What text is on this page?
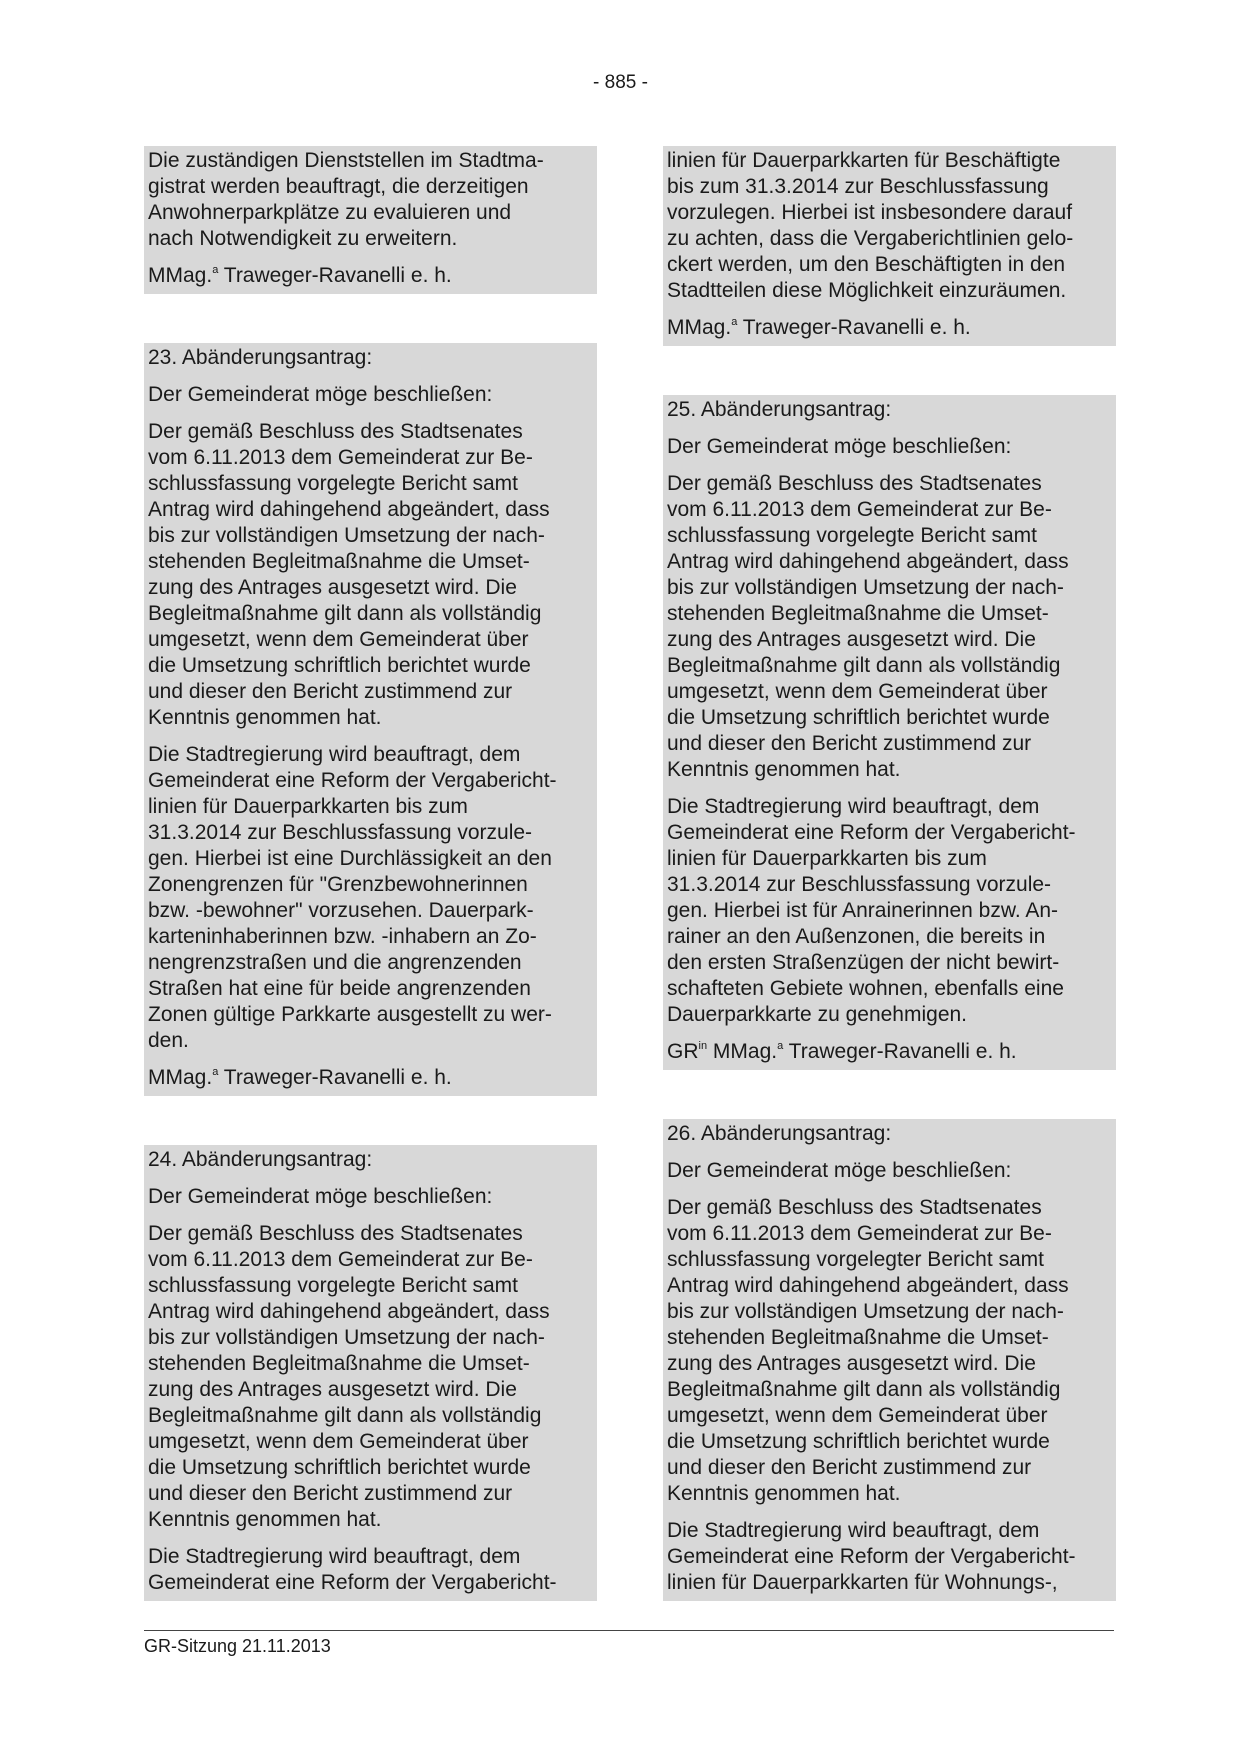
- 885 -

Die zuständigen Dienststellen im Stadtma-
gistrat werden beauftragt, die derzeitigen
Anwohnerparkplätze zu evaluieren und
nach Notwendigkeit zu erweitern.

MMag.$^a$ Traweger-Ravanelli e. h.

23. Abänderungsantrag:

Der Gemeinderat möge beschließen:

Der gemäß Beschluss des Stadtsenates
vom 6.11.2013 dem Gemeinderat zur Be-
schlussfassung vorgelegte Bericht samt
Antrag wird dahingehend abgeändert, dass
bis zur vollständigen Umsetzung der nach-
stehenden Begleitmaßnahme die Umset-
zung des Antrages ausgesetzt wird. Die
Begleitmaßnahme gilt dann als vollständig
umgesetzt, wenn dem Gemeinderat über
die Umsetzung schriftlich berichtet wurde
und dieser den Bericht zustimmend zur
Kenntnis genommen hat.

Die Stadtregierung wird beauftragt, dem
Gemeinderat eine Reform der Vergabericht-
linien für Dauerparkkarten bis zum
31.3.2014 zur Beschlussfassung vorzule-
gen. Hierbei ist eine Durchlässigkeit an den
Zonengrenzen für "Grenzbewohnerinnen
bzw. -bewohner" vorzusehen. Dauerpark-
karteninhaberinnen bzw. -inhabern an Zo-
nengrenzstraßen und die angrenzenden
Straßen hat eine für beide angrenzenden
Zonen gültige Parkkarte ausgestellt zu wer-
den.

MMag.$^a$ Traweger-Ravanelli e. h.

24. Abänderungsantrag:

Der Gemeinderat möge beschließen:

Der gemäß Beschluss des Stadtsenates
vom 6.11.2013 dem Gemeinderat zur Be-
schlussfassung vorgelegte Bericht samt
Antrag wird dahingehend abgeändert, dass
bis zur vollständigen Umsetzung der nach-
stehenden Begleitmaßnahme die Umset-
zung des Antrages ausgesetzt wird. Die
Begleitmaßnahme gilt dann als vollständig
umgesetzt, wenn dem Gemeinderat über
die Umsetzung schriftlich berichtet wurde
und dieser den Bericht zustimmend zur
Kenntnis genommen hat.

Die Stadtregierung wird beauftragt, dem
Gemeinderat eine Reform der Vergabericht-

linien für Dauerparkkarten für Beschäftigte
bis zum 31.3.2014 zur Beschlussfassung
vorzulegen. Hierbei ist insbesondere darauf
zu achten, dass die Vergaberichtlinien gelo-
ckert werden, um den Beschäftigten in den
Stadtteilen diese Möglichkeit einzuräumen.

MMag.$^a$ Traweger-Ravanelli e. h.

25. Abänderungsantrag:

Der Gemeinderat möge beschließen:

Der gemäß Beschluss des Stadtsenates
vom 6.11.2013 dem Gemeinderat zur Be-
schlussfassung vorgelegte Bericht samt
Antrag wird dahingehend abgeändert, dass
bis zur vollständigen Umsetzung der nach-
stehenden Begleitmaßnahme die Umset-
zung des Antrages ausgesetzt wird. Die
Begleitmaßnahme gilt dann als vollständig
umgesetzt, wenn dem Gemeinderat über
die Umsetzung schriftlich berichtet wurde
und dieser den Bericht zustimmend zur
Kenntnis genommen hat.

Die Stadtregierung wird beauftragt, dem
Gemeinderat eine Reform der Vergabericht-
linien für Dauerparkkarten bis zum
31.3.2014 zur Beschlussfassung vorzule-
gen. Hierbei ist für Anrainerinnen bzw. An-
rainer an den Außenzonen, die bereits in
den ersten Straßenzügen der nicht bewirt-
schafteten Gebiete wohnen, ebenfalls eine
Dauerparkkarte zu genehmigen.

$GR^{in}$ MMag.$^a$ Traweger-Ravanelli e. h.

26. Abänderungsantrag:

Der Gemeinderat möge beschließen:

Der gemäß Beschluss des Stadtsenates
vom 6.11.2013 dem Gemeinderat zur Be-
schlussfassung vorgelegter Bericht samt
Antrag wird dahingehend abgeändert, dass
bis zur vollständigen Umsetzung der nach-
stehenden Begleitmaßnahme die Umset-
zung des Antrages ausgesetzt wird. Die
Begleitmaßnahme gilt dann als vollständig
umgesetzt, wenn dem Gemeinderat über
die Umsetzung schriftlich berichtet wurde
und dieser den Bericht zustimmend zur
Kenntnis genommen hat.

Die Stadtregierung wird beauftragt, dem
Gemeinderat eine Reform der Vergabericht-
linien für Dauerparkkarten für Wohnungs-,

GR-Sitzung 21.11.2013
